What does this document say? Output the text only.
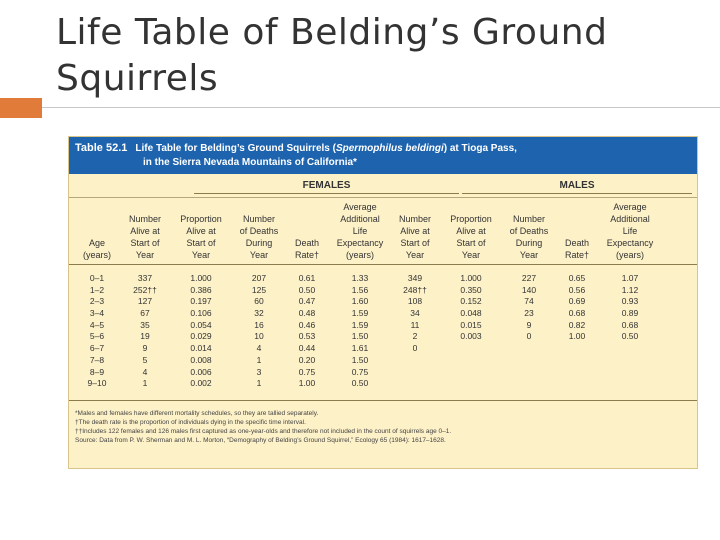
Life Table of Belding’s Ground
Squirrels
Table 52.1 Life Table for Belding’s Ground Squirrels (Spermophilus beldingi) at Tioga Pass,
in the Sierra Nevada Mountains of California*
FEMALES	MALES
Age
(years)
Number
Alive at
Start of
Year
Proportion
Alive at
Start of
Year
Number
of Deaths
During
Year
Death
Rate†
Average
Additional
Life
Expectancy
(years)
Number
Alive at
Start of
Year
Proportion
Alive at
Start of
Year
Number
of Deaths
During
Year
Death
Rate†
Average
Additional
Life
Expectancy
(years)
0–1
1–2
2–3
3–4
4–5
5–6
6–7
7–8
8–9
9–10
337
252††
127
67
35
19
9
5
4
1
1.000
0.386
0.197
0.106
0.054
0.029
0.014
0.008
0.006
0.002
207
125
60
32
16
10
4
1
3
1
0.61
0.50
0.47
0.48
0.46
0.53
0.44
0.20
0.75
1.00
1.33
1.56
1.60
1.59
1.59
1.50
1.61
1.50
0.75
0.50
349
248††
108
34
11
2
0
1.000
0.350
0.152
0.048
0.015
0.003
227
140
74
23
9
0
0.65
0.56
0.69
0.68
0.82
1.00
1.07
1.12
0.93
0.89
0.68
0.50
*Males and females have different mortality schedules, so they are tallied separately.
†The death rate is the proportion of individuals dying in the specific time interval.
††Includes 122 females and 126 males first captured as one-year-olds and therefore not included in the count of squirrels age 0–1.
Source: Data from P. W. Sherman and M. L. Morton, “Demography of Belding’s Ground Squirrel,” Ecology 65 (1984): 1617–1628.
